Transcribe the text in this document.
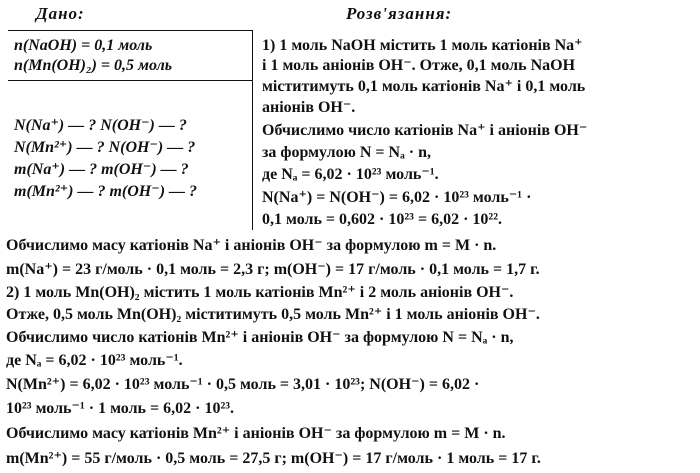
Дано:	Розв'язання:
n(NaOH) = 0,1 моль
n(Mn(OH)₂) = 0,5 моль
N(Na⁺) — ? N(OH⁻) — ?
N(Mn²⁺) — ? N(OH⁻) — ?
m(Na⁺) — ? m(OH⁻) — ?
m(Mn²⁺) — ? m(OH⁻) — ?
1) 1 моль NaOH містить 1 моль катіонів Na⁺
і 1 моль аніонів OH⁻. Отже, 0,1 моль NaOH
міститимуть 0,1 моль катіонів Na⁺ і 0,1 моль
аніонів OH⁻.
Обчислимо число катіонів Na⁺ і аніонів OH⁻
за формулою N = Nₐ · n,
де Nₐ = 6,02 · 10²³ моль⁻¹.
N(Na⁺) = N(OH⁻) = 6,02 · 10²³ моль⁻¹ ·
0,1 моль = 0,602 · 10²³ = 6,02 · 10²².
Обчислимо масу катіонів Na⁺ і аніонів OH⁻ за формулою m = M · n.
m(Na⁺) = 23 г/моль · 0,1 моль = 2,3 г; m(OH⁻) = 17 г/моль · 0,1 моль = 1,7 г.
2) 1 моль Mn(OH)₂ містить 1 моль катіонів Mn²⁺ і 2 моль аніонів OH⁻.
Отже, 0,5 моль Mn(OH)₂ міститимуть 0,5 моль Mn²⁺ і 1 моль аніонів OH⁻.
Обчислимо число катіонів Mn²⁺ і аніонів OH⁻ за формулою N = Nₐ · n,
де Nₐ = 6,02 · 10²³ моль⁻¹.
N(Mn²⁺) = 6,02 · 10²³ моль⁻¹ · 0,5 моль = 3,01 · 10²³; N(OH⁻) = 6,02 ·
10²³ моль⁻¹ · 1 моль = 6,02 · 10²³.
Обчислимо масу катіонів Mn²⁺ і аніонів OH⁻ за формулою m = M · n.
m(Mn²⁺) = 55 г/моль · 0,5 моль = 27,5 г; m(OH⁻) = 17 г/моль · 1 моль = 17 г.
